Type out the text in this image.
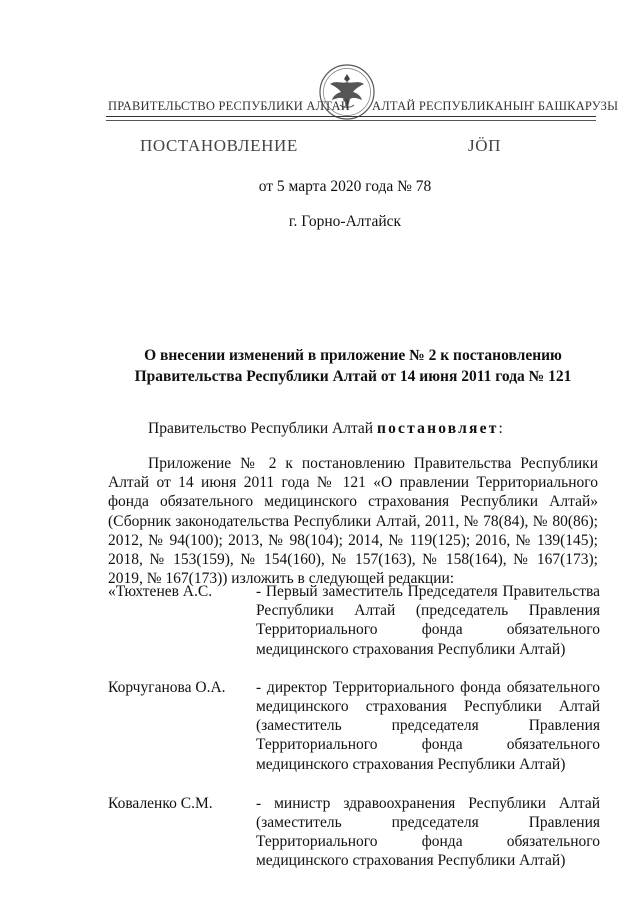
ПРАВИТЕЛЬСТВО РЕСПУБЛИКИ АЛТАЙ АЛТАЙ РЕСПУБЛИКАНЫҤ БАШКАРУЗЫ
ПОСТАНОВЛЕНИЕ	ЈӦП
от 5 марта 2020 года № 78
г. Горно-Алтайск
О внесении изменений в приложение № 2 к постановлению
Правительства Республики Алтай от 14 июня 2011 года № 121
Правительство Республики Алтай постановляет:
Приложение № 2 к постановлению Правительства Республики Алтай от 14 июня 2011 года № 121 «О правлении Территориального фонда обязательного медицинского страхования Республики Алтай» (Сборник законодательства Республики Алтай, 2011, № 78(84), № 80(86); 2012, № 94(100); 2013, № 98(104); 2014, № 119(125); 2016, № 139(145); 2018, № 153(159), № 154(160), № 157(163), № 158(164), № 167(173); 2019, № 167(173)) изложить в следующей редакции:
«Тюхтенев А.С.	- Первый заместитель Председателя Правительства Республики Алтай (председатель Правления Территориального фонда обязательного медицинского страхования Республики Алтай)
Корчуганова О.А.	- директор Территориального фонда обязательного медицинского страхования Республики Алтай (заместитель председателя Правления Территориального фонда обязательного медицинского страхования Республики Алтай)
Коваленко С.М.	- министр здравоохранения Республики Алтай (заместитель председателя Правления Территориального фонда обязательного медицинского страхования Республики Алтай)
